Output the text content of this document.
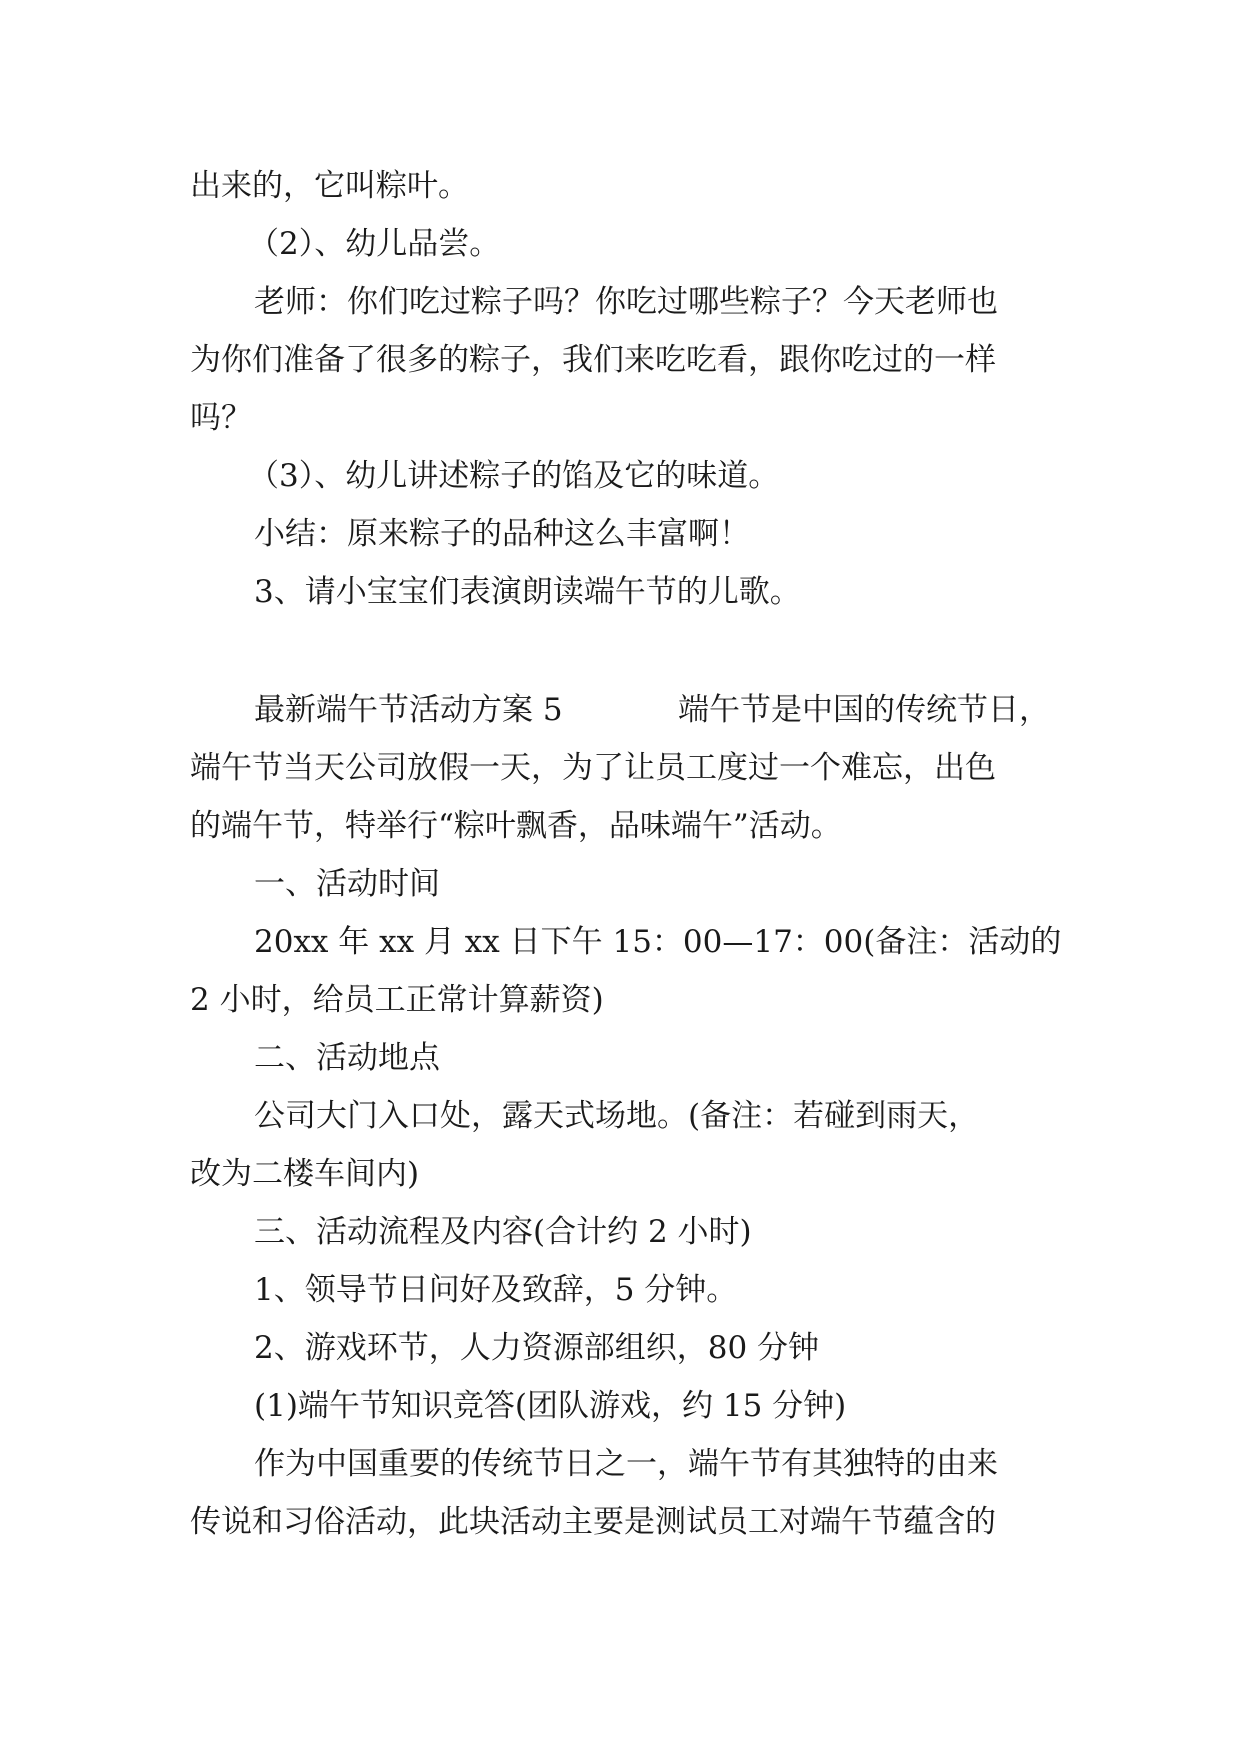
出来的，它叫粽叶。
（2）、幼儿品尝。
老师：你们吃过粽子吗？你吃过哪些粽子？今天老师也
为你们准备了很多的粽子，我们来吃吃看，跟你吃过的一样
吗？
（3）、幼儿讲述粽子的馅及它的味道。
小结：原来粽子的品种这么丰富啊！
3、请小宝宝们表演朗读端午节的儿歌。
最新端午节活动方案 5	端午节是中国的传统节日，
端午节当天公司放假一天，为了让员工度过一个难忘，出色
的端午节，特举行“粽叶飘香，品味端午”活动。
一、活动时间
20xx 年 xx 月 xx 日下午 15：00—17：00(备注：活动的
2 小时，给员工正常计算薪资)
二、活动地点
公司大门入口处，露天式场地。(备注：若碰到雨天，
改为二楼车间内)
三、活动流程及内容(合计约 2 小时)
1、领导节日问好及致辞，5 分钟。
2、游戏环节，人力资源部组织，80 分钟
(1)端午节知识竞答(团队游戏，约 15 分钟)
作为中国重要的传统节日之一，端午节有其独特的由来
传说和习俗活动，此块活动主要是测试员工对端午节蕴含的
